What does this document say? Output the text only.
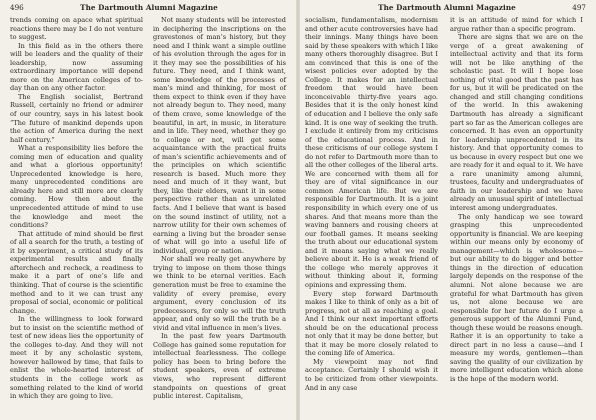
496	The Dartmouth Alumni Magazine

trends coming on apace what spiritual reactions there may be I do not venture to suggest.

In this field as in the others there will be leaders and the quality of their leadership, now assuming extraordinary importance will depend more on the American colleges of to-day than on any other factor.

The English socialist, Bertrand Russell, certainly no friend or admirer of our country, says in his latest book “The future of mankind depends upon the action of America during the next half century.”

What a responsibility lies before the coming men of education and quality and what a glorious opportunity! Unprecedented knowledge is here, many unprecedented conditions are already here and still more are clearly coming. How then about the unprecedented attitude of mind to use the knowledge and meet the conditions?

That attitude of mind should be first of all a search for the truth, a testing of it by experiment, a critical study of its experimental results and finally afterchech and recheck, a readiness to make it a part of one’s life and thinking. That of course is the scientific method and to it we can trust any proposal of social, economic or political change.

In the willingness to look forward but to insist on the scientific method of test of new ideas lies the opportunity of the colleges to-day. And they will not meet it by any scholastic system, however hallowed by time, that fails to enlist the whole-hearted interest of students in the college work as something related to the kind of world in which they are going to live.

Not many students will be interested in deciphering the inscriptions on the gravestones of man’s history, but they need and I think want a simple outline of his evolution through the ages for in it they may see the possibilities of his future. They need, and I think want, some knowledge of the processes of man’s mind and thinking, for most of them expect to think even if they have not already begun to. They need, many of them crave, some knowledge of the beautiful, in art, in music, in literature and in life. They need, whether they go to college or not, will get some acquaintance with the practical fruits of man’s scientific achievements and of the principles on which scientific research is based. Much more they need and much of it they want, but they, like their elders, want it in some perspective rather than as unrelated facts. And I believe that want is based on the sound instinct of utility, not a narrow utility for their own schemes of earning a living but the broader sense of what will go into a useful life of individual, group or nation.

Nor shall we really get anywhere by trying to impose on them those things we think to be eternal verities. Each generation must be free to examine the validity of every premise, every argument, every conclusion of its predecessors, for only so will the truth appear, and only so will the truth be a vivid and vital influence in men’s lives.

In the past few years Dartmouth College has gained some reputation for intellectual fearlessness. The college policy has been to bring before the student speakers, even of extreme views, who represent different standpoints on questions of great public interest. Capitalism,

The Dartmouth Alumni Magazine	497

socialism, fundamentalism, modernism and other acute controversies have had their innings. Many things have been said by these speakers with which I like many others thoroughly disagree. But I am convinced that this is one of the wisest policies ever adopted by the College. It makes for an intellectual freedom that would have been inconceivable thirty-five years ago. Besides that it is the only honest kind of education and I believe the only safe kind. It is one way of seeking the truth. I exclude it entirely from my criticisms of the educational process. And in these criticisms of our college system I do not refer to Dartmouth more than to all the other colleges of the liberal arts. We are concerned with them all for they are of vital significance in our common American life. But we are responsible for Dartmouth. It is a joint responsibility in which every one of us shares. And that means more than the waving banners and rousing cheers at our football games. It means seeking the truth about our educational system and it means saying what we really believe about it. He is a weak friend of the college who merely approves it without thinking about it, forming opinions and expressing them.

Every step forward Dartmouth makes I like to think of only as a bit of progress, not at all as reaching a goal. And I think our next important efforts should be on the educational process not only that it may be done better, but that it may be more closely related to the coming life of America.

My viewpoint may not find acceptance. Certainly I should wish it to be criticized from other viewpoints. And in any case

it is an attitude of mind for which I argue rather than a specific program.

There are signs that we are on the verge of a great awakening of intellectual activity and that its form will not be like anything of the scholastic past. It will I hope lose nothing of vital good that the past has for us, but it will be predicated on the changed and still changing conditions of the world. In this awakening Dartmouth has already a significant part so far as the American colleges are concerned. It has even an opportunity for leadership unprecedented in its history. And that opportunity comes to us because in every respect but one we are ready for it and equal to it. We have a rare unanimity among alumni, trustees, faculty and undergraduates of faith in our leadership and we have already an unusual spirit of intellectual interest among undergraduates.

The only handicap we see toward grasping this unprecedented opportunity is financial. We are keeping within our means only by economy of management—which is wholesome—but our ability to do bigger and better things in the direction of education largely depends on the response of the alumni. Not alone because we are grateful for what Dartmouth has given us, not alone because we are responsible for her future do I urge a generous support of the Alumni Fund, though these would be reasons enough. Rather it is an opportunity to take a direct part in no less a cause—and I measure my words, gentlemen—than saving the quality of our civilization by more intelligent education which alone is the hope of the modern world.
